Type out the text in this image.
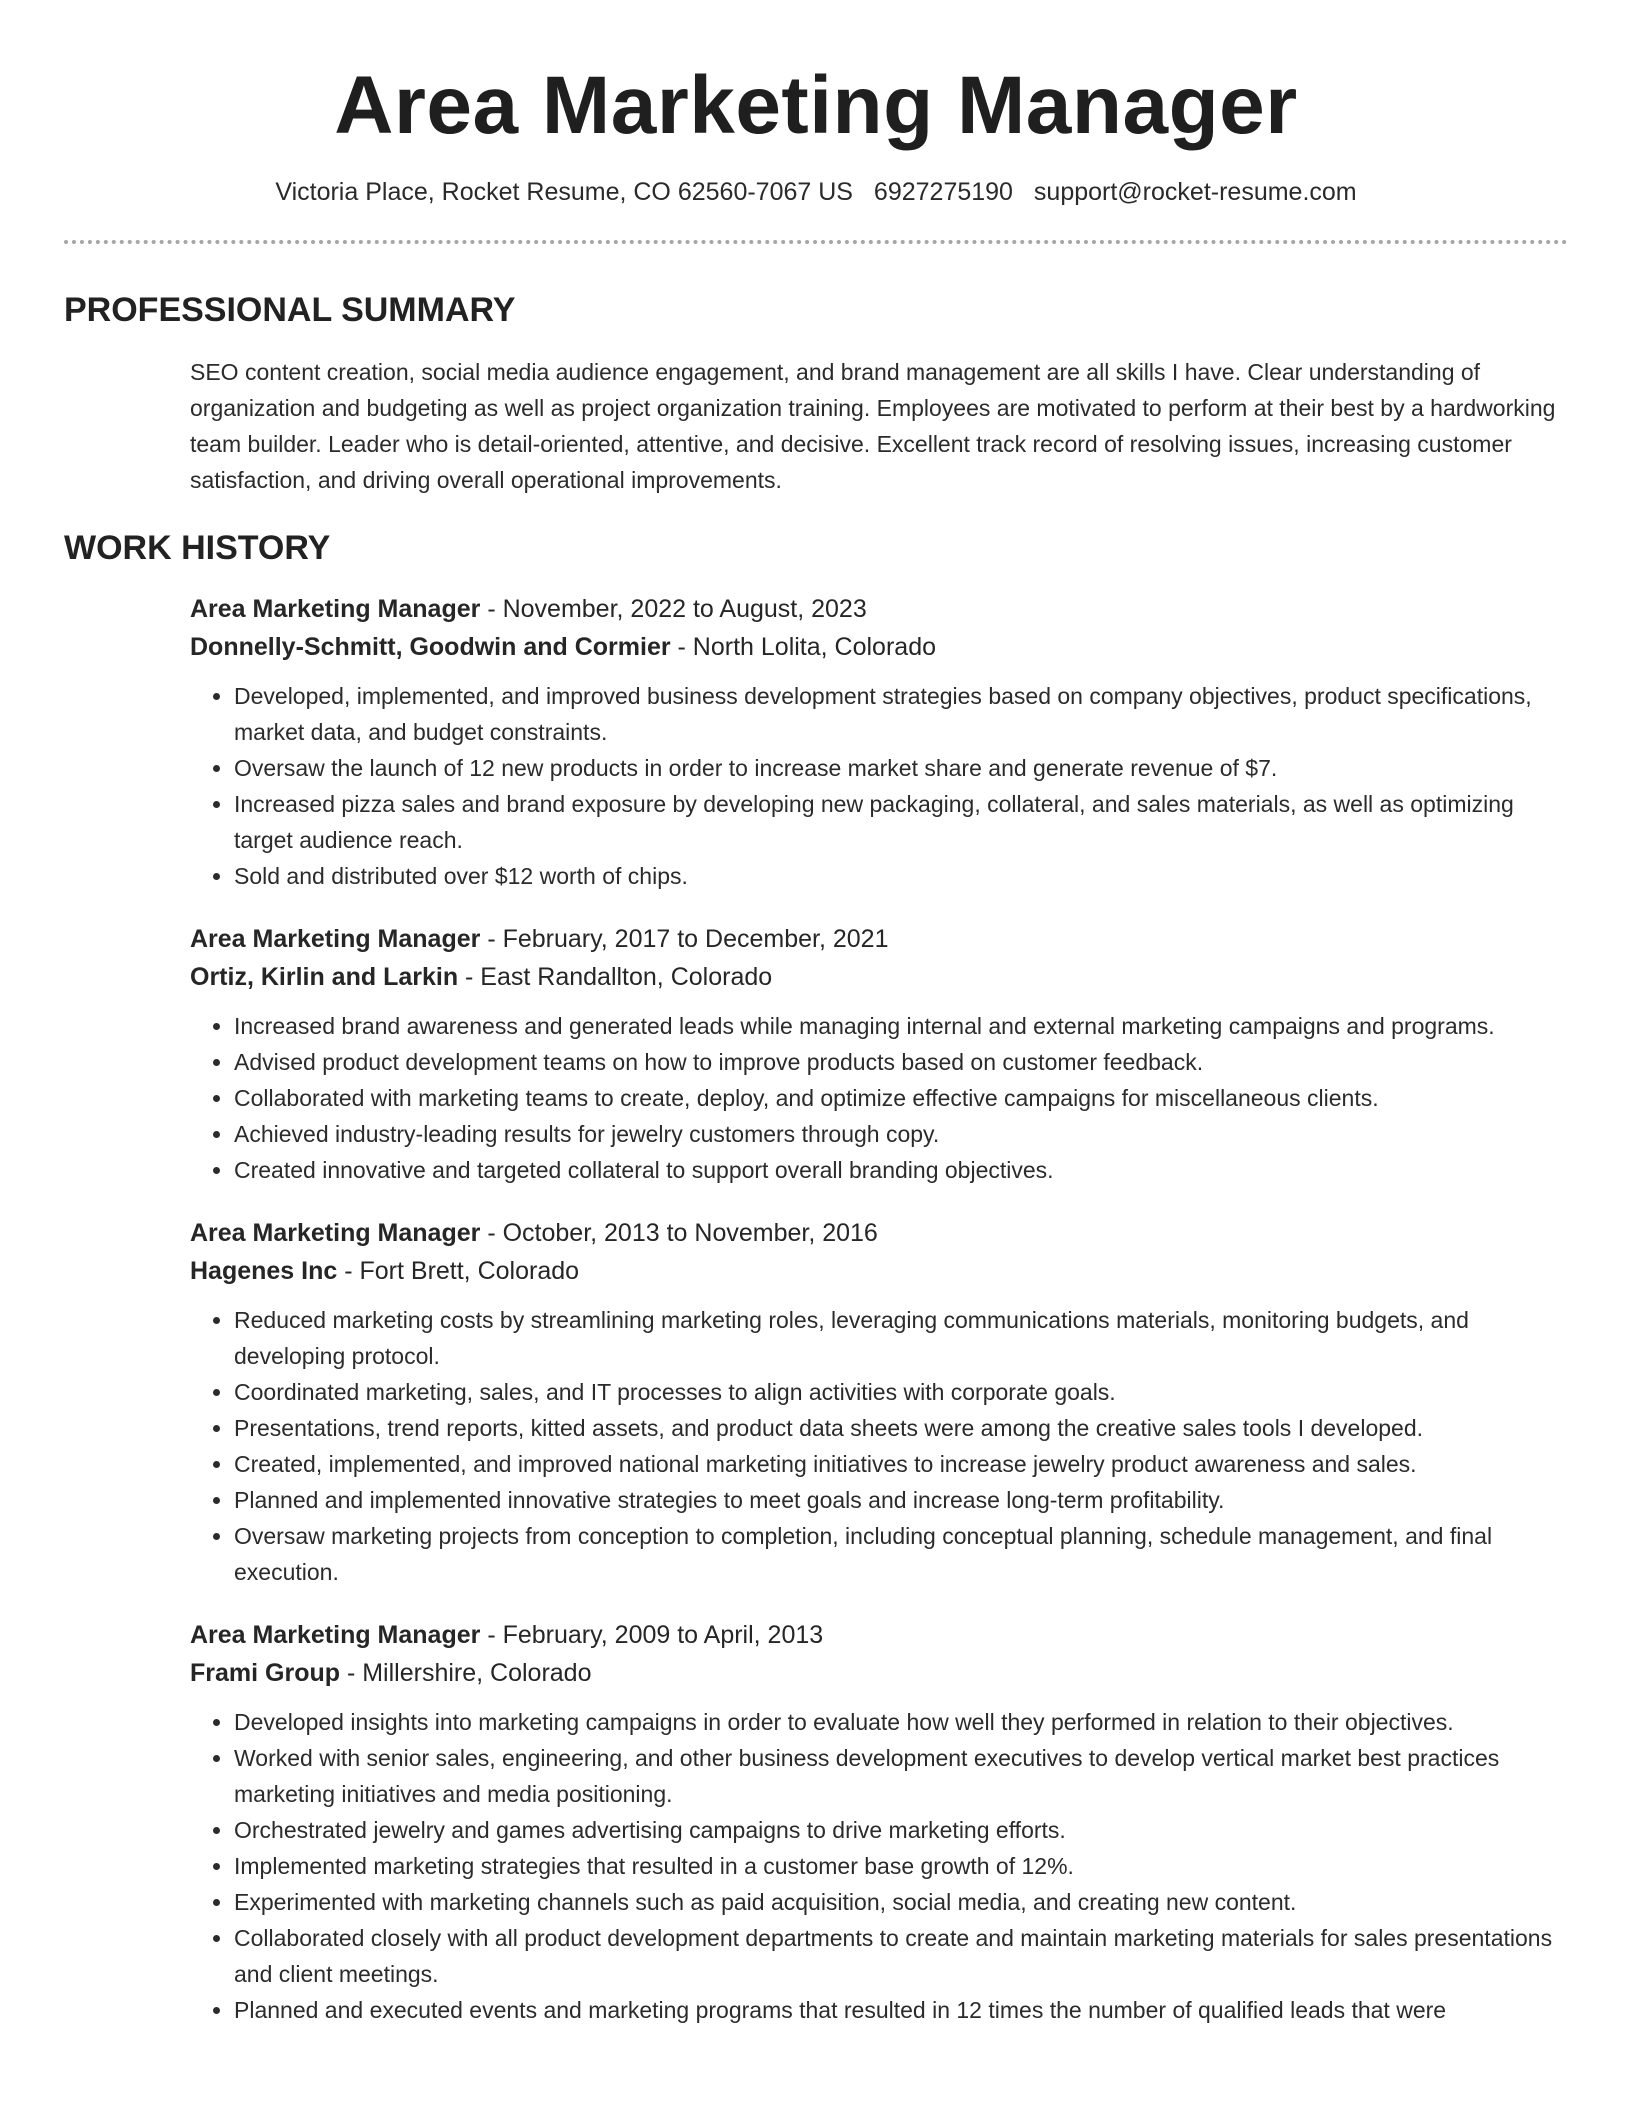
Area Marketing Manager
Victoria Place, Rocket Resume, CO 62560-7067 US 6927275190 support@rocket-resume.com
PROFESSIONAL SUMMARY

SEO content creation, social media audience engagement, and brand management are all skills I have. Clear understanding of organization and budgeting as well as project organization training. Employees are motivated to perform at their best by a hardworking team builder. Leader who is detail-oriented, attentive, and decisive. Excellent track record of resolving issues, increasing customer satisfaction, and driving overall operational improvements.

WORK HISTORY
Area Marketing Manager - November, 2022 to August, 2023
Donnelly-Schmitt, Goodwin and Cormier - North Lolita, Colorado
• Developed, implemented, and improved business development strategies based on company objectives, product specifications, market data, and budget constraints.
• Oversaw the launch of 12 new products in order to increase market share and generate revenue of $7.
• Increased pizza sales and brand exposure by developing new packaging, collateral, and sales materials, as well as optimizing target audience reach.
• Sold and distributed over $12 worth of chips.
Area Marketing Manager - February, 2017 to December, 2021
Ortiz, Kirlin and Larkin - East Randallton, Colorado
• Increased brand awareness and generated leads while managing internal and external marketing campaigns and programs.
• Advised product development teams on how to improve products based on customer feedback.
• Collaborated with marketing teams to create, deploy, and optimize effective campaigns for miscellaneous clients.
• Achieved industry-leading results for jewelry customers through copy.
• Created innovative and targeted collateral to support overall branding objectives.
Area Marketing Manager - October, 2013 to November, 2016
Hagenes Inc - Fort Brett, Colorado
• Reduced marketing costs by streamlining marketing roles, leveraging communications materials, monitoring budgets, and developing protocol.
• Coordinated marketing, sales, and IT processes to align activities with corporate goals.
• Presentations, trend reports, kitted assets, and product data sheets were among the creative sales tools I developed.
• Created, implemented, and improved national marketing initiatives to increase jewelry product awareness and sales.
• Planned and implemented innovative strategies to meet goals and increase long-term profitability.
• Oversaw marketing projects from conception to completion, including conceptual planning, schedule management, and final execution.
Area Marketing Manager - February, 2009 to April, 2013
Frami Group - Millershire, Colorado
• Developed insights into marketing campaigns in order to evaluate how well they performed in relation to their objectives.
• Worked with senior sales, engineering, and other business development executives to develop vertical market best practices marketing initiatives and media positioning.
• Orchestrated jewelry and games advertising campaigns to drive marketing efforts.
• Implemented marketing strategies that resulted in a customer base growth of 12%.
• Experimented with marketing channels such as paid acquisition, social media, and creating new content.
• Collaborated closely with all product development departments to create and maintain marketing materials for sales presentations and client meetings.
• Planned and executed events and marketing programs that resulted in 12 times the number of qualified leads that were
